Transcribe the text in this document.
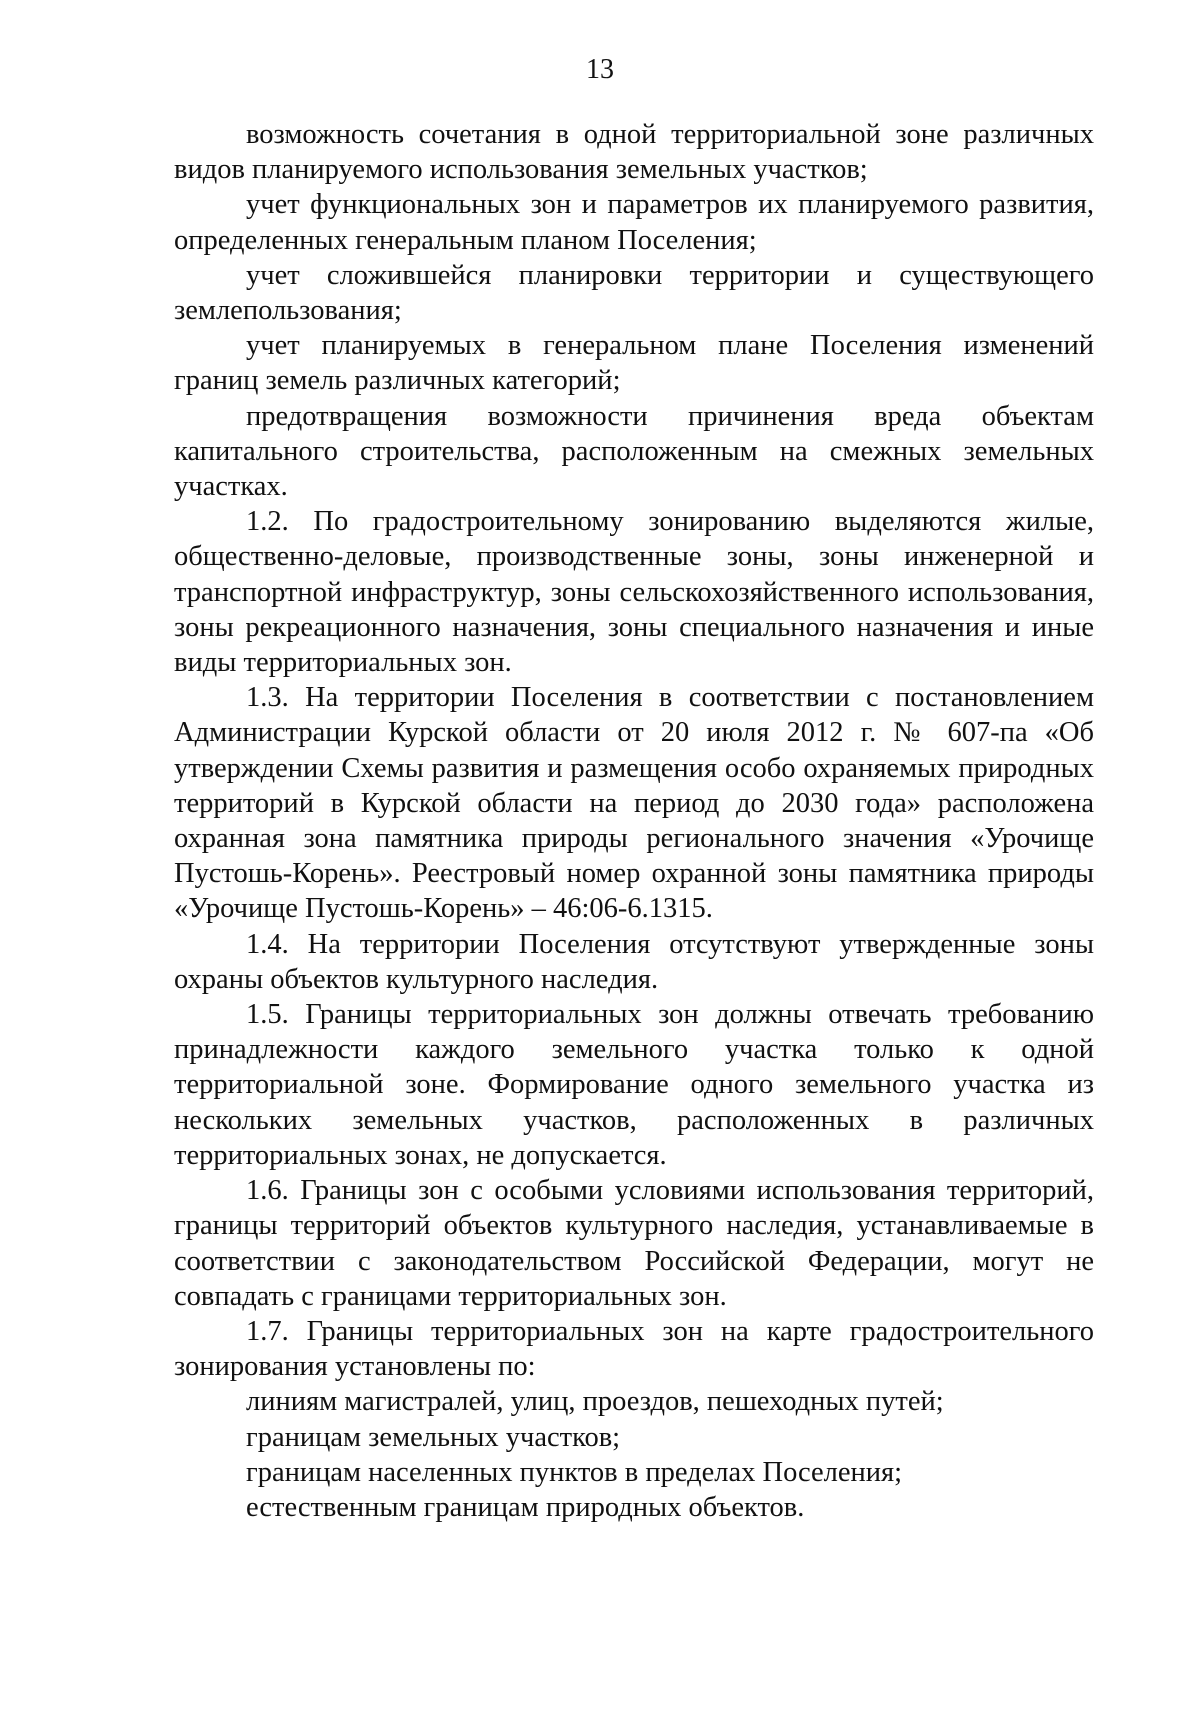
13

возможность сочетания в одной территориальной зоне различных видов планируемого использования земельных участков;

учет функциональных зон и параметров их планируемого развития, определенных генеральным планом Поселения;

учет сложившейся планировки территории и существующего землепользования;

учет планируемых в генеральном плане Поселения изменений границ земель различных категорий;

предотвращения возможности причинения вреда объектам капитального строительства, расположенным на смежных земельных участках.

1.2. По градостроительному зонированию выделяются жилые, общественно-деловые, производственные зоны, зоны инженерной и транспортной инфраструктур, зоны сельскохозяйственного использования, зоны рекреационного назначения, зоны специального назначения и иные виды территориальных зон.

1.3. На территории Поселения в соответствии с постановлением Администрации Курской области от 20 июля 2012 г. № 607-па «Об утверждении Схемы развития и размещения особо охраняемых природных территорий в Курской области на период до 2030 года» расположена охранная зона памятника природы регионального значения «Урочище Пустошь-Корень». Реестровый номер охранной зоны памятника природы «Урочище Пустошь-Корень» – 46:06-6.1315.

1.4. На территории Поселения отсутствуют утвержденные зоны охраны объектов культурного наследия.

1.5. Границы территориальных зон должны отвечать требованию принадлежности каждого земельного участка только к одной территориальной зоне. Формирование одного земельного участка из нескольких земельных участков, расположенных в различных территориальных зонах, не допускается.

1.6. Границы зон с особыми условиями использования территорий, границы территорий объектов культурного наследия, устанавливаемые в соответствии с законодательством Российской Федерации, могут не совпадать с границами территориальных зон.

1.7. Границы территориальных зон на карте градостроительного зонирования установлены по:

линиям магистралей, улиц, проездов, пешеходных путей;

границам земельных участков;

границам населенных пунктов в пределах Поселения;

естественным границам природных объектов.
